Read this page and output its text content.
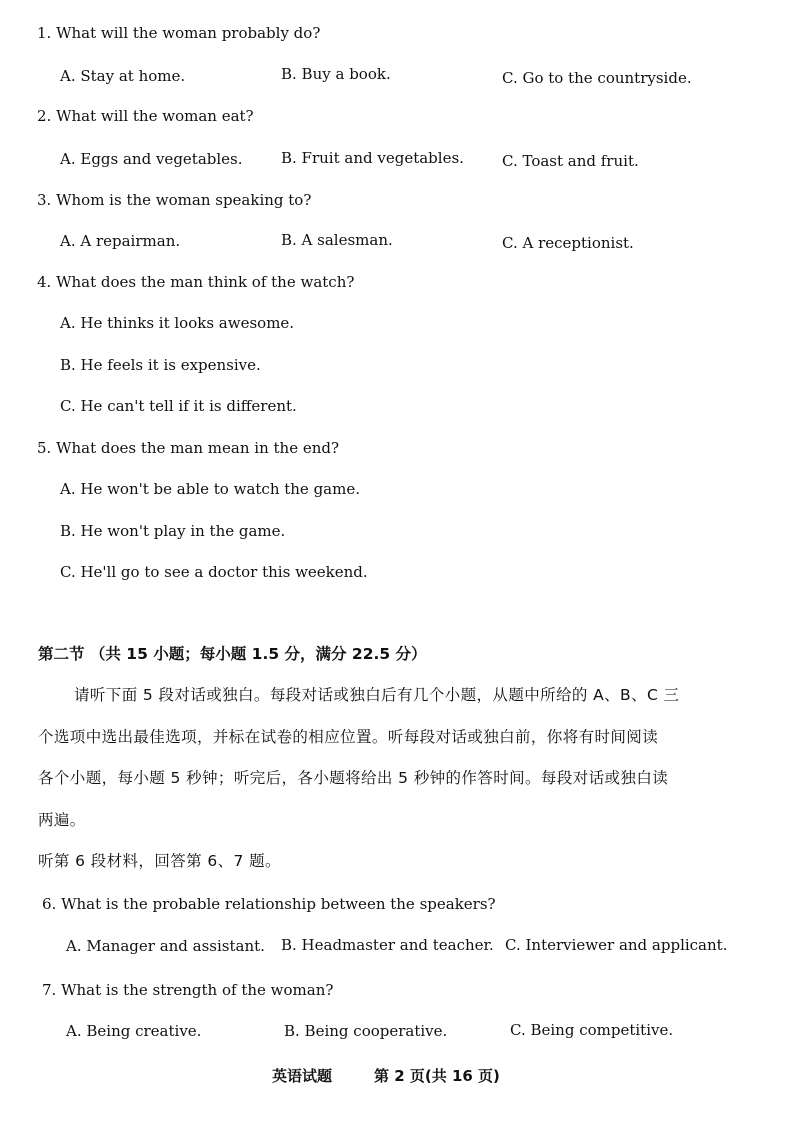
1. What will the woman probably do?
A. Stay at home.	B. Buy a book.	C. Go to the countryside.
2. What will the woman eat?
A. Eggs and vegetables.	B. Fruit and vegetables.	C. Toast and fruit.
3. Whom is the woman speaking to?
A. A repairman.	B. A salesman.	C. A receptionist.
4. What does the man think of the watch?
A. He thinks it looks awesome.
B. He feels it is expensive.
C. He can't tell if it is different.
5. What does the man mean in the end?
A. He won't be able to watch the game.
B. He won't play in the game.
C. He'll go to see a doctor this weekend.
第二节 （共 15 小题；每小题 1.5 分，满分 22.5 分）
请听下面 5 段对话或独白。每段对话或独白后有几个小题，从题中所给的 A、B、C 三
个选项中选出最佳选项，并标在试卷的相应位置。听每段对话或独白前，你将有时间阅读
各个小题，每小题 5 秒钟；听完后，各小题将给出 5 秒钟的作答时间。每段对话或独白读
两遍。
听第 6 段材料，回答第 6、7 题。
6. What is the probable relationship between the speakers?
A. Manager and assistant. B. Headmaster and teacher. C. Interviewer and applicant.
7. What is the strength of the woman?
A. Being creative.	B. Being cooperative.	C. Being competitive.
英语试题	第 2 页(共 16 页)
